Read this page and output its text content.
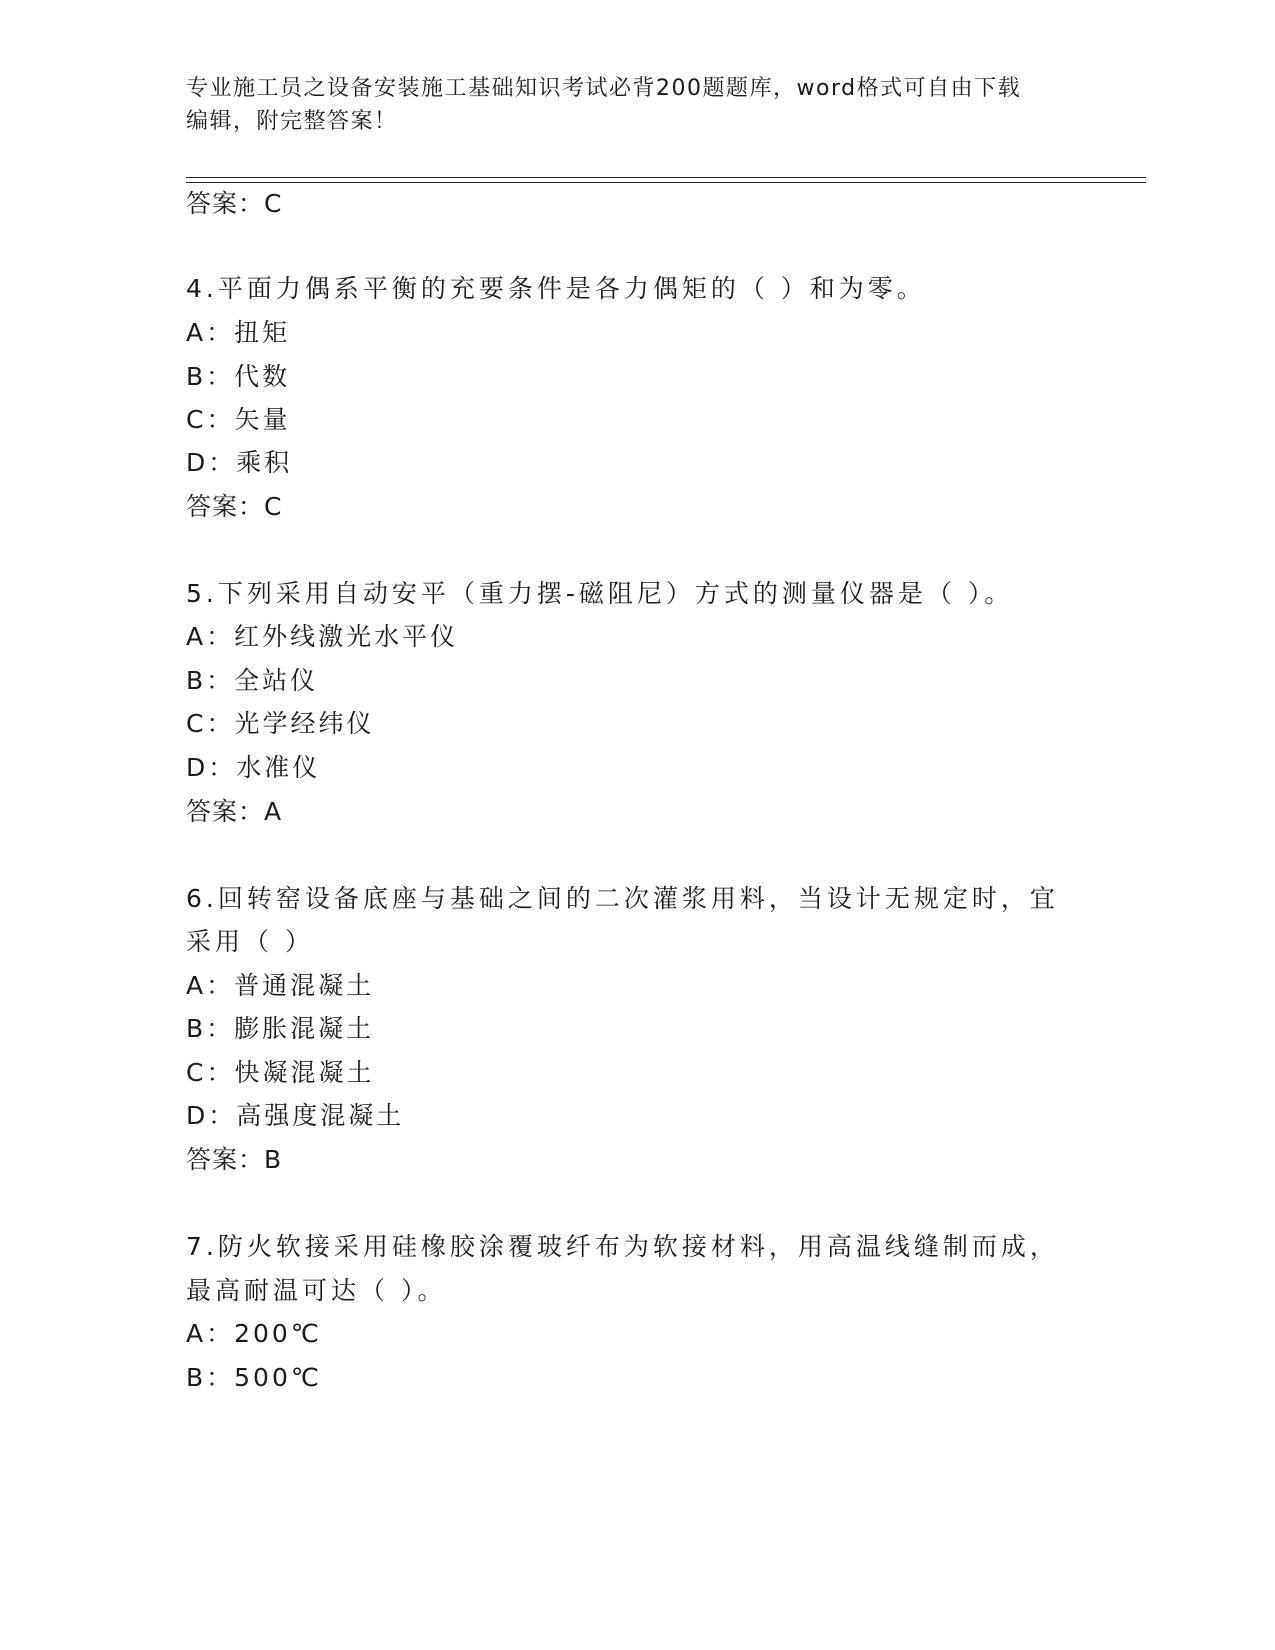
专业施工员之设备安装施工基础知识考试必背200题题库，word格式可自由下载
编辑，附完整答案！
答案：C
4.平面力偶系平衡的充要条件是各力偶矩的（ ）和为零。
A：扭矩
B：代数
C：矢量
D：乘积
答案：C
5.下列采用自动安平（重力摆-磁阻尼）方式的测量仪器是（ ）。
A：红外线激光水平仪
B：全站仪
C：光学经纬仪
D：水准仪
答案：A
6.回转窑设备底座与基础之间的二次灌浆用料，当设计无规定时，宜
采用（ ）
A：普通混凝土
B：膨胀混凝土
C：快凝混凝土
D：高强度混凝土
答案：B
7.防火软接采用硅橡胶涂覆玻纤布为软接材料，用高温线缝制而成，
最高耐温可达（ ）。
A：200℃
B：500℃
